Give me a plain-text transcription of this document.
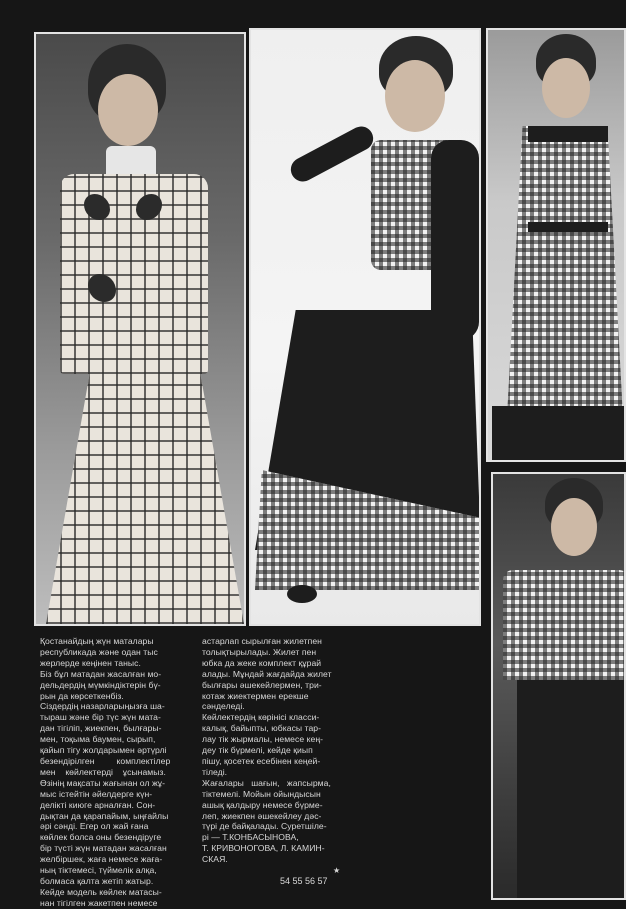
Қостанайдың жүн маталары
республикада және одан тыс
жерлерде кеңінен таныс.
Біз бұл матадан жасалған мо-
дельдердің мүмкіндіктерін бү-
рын да көрсеткенбіз.
Сіздердің назарларыңызға ша-
тыраш және бір түс жүн мата-
дан тігіліп, жиекпен, былғары-
мен, тоқыма баумен, сырып,
қайып тігу жолдарымен әртүрлі
безендірілген         комплектілер
мен    көйлектерді    ұсынамыз.
Өзінің мақсаты жағынан ол жұ-
мыс істейтін әйелдерге күн-
делікті киюге арналған. Сон-
дықтан да қарапайым, ыңғайлы
әрі сәнді. Егер ол жай ғана
көйлек болса оны безендіруге
бір түсті жүн матадан жасалған
желбіршек, жаға немесе жаға-
ның тіктемесі, түймелік алқа,
болмаса қалта жетіп жатыр.
Кейде модель көйлек матасы-
нан тігілген жакетпен немесе
астарлап сырылған жилетпен
толықтырылады. Жилет пен
юбка да жеке комплект құрай
алады. Мұндай жағдайда жилет
былғары әшекейлермен, три-
котаж жиектермен ерекше
сәнделеді.
Көйлектердің көрінісі класси-
калық, байыпты, юбкасы тар-
лау тік жырмалы, немесе кең-
деу тік бүрмелі, кейде қиып
пішу, қосетек есебінен кеңей-
тіледі.
Жағалары   шағын,   жапсырма,
тіктемелі. Мойын ойындысын
ашық қалдыру немесе бүрме-
леп, жиекпен әшекейлеу дәс-
түрі де байқалады. Суретшіле-
рі — Т.КОНБАСЫНОВА,
Т. КРИВОНОГОВА, Л. КАМИН-
СКАЯ.
★
54 55 56 57
